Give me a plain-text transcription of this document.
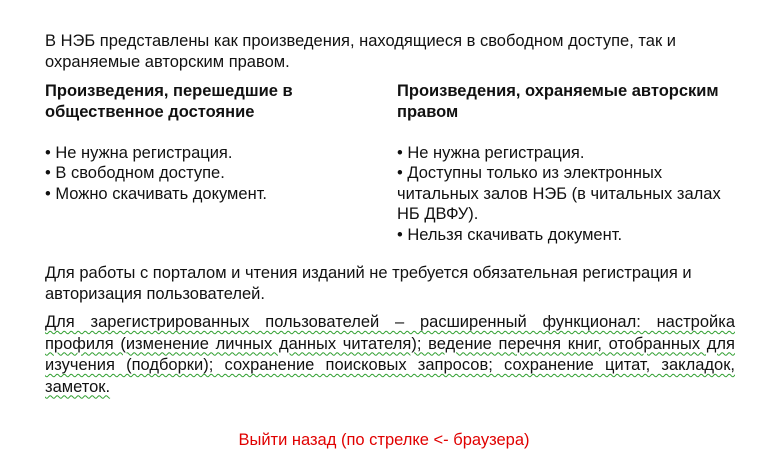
В НЭБ представлены как произведения, находящиеся в свободном доступе, так и охраняемые авторским правом.
Произведения, перешедшие в общественное достояние
• Не нужна регистрация.
• В свободном доступе.
• Можно скачивать документ.
Произведения, охраняемые авторским правом
• Не нужна регистрация.
• Доступны только из электронных читальных залов НЭБ (в читальных залах НБ ДВФУ).
• Нельзя скачивать документ.
Для работы с порталом и чтения изданий не требуется обязательная регистрация и авторизация пользователей.
Для зарегистрированных пользователей – расширенный функционал: настройка профиля (изменение личных данных читателя); ведение перечня книг, отобранных для изучения (подборки); сохранение поисковых запросов; сохранение цитат, закладок, заметок.
Выйти назад (по стрелке <- браузера)
